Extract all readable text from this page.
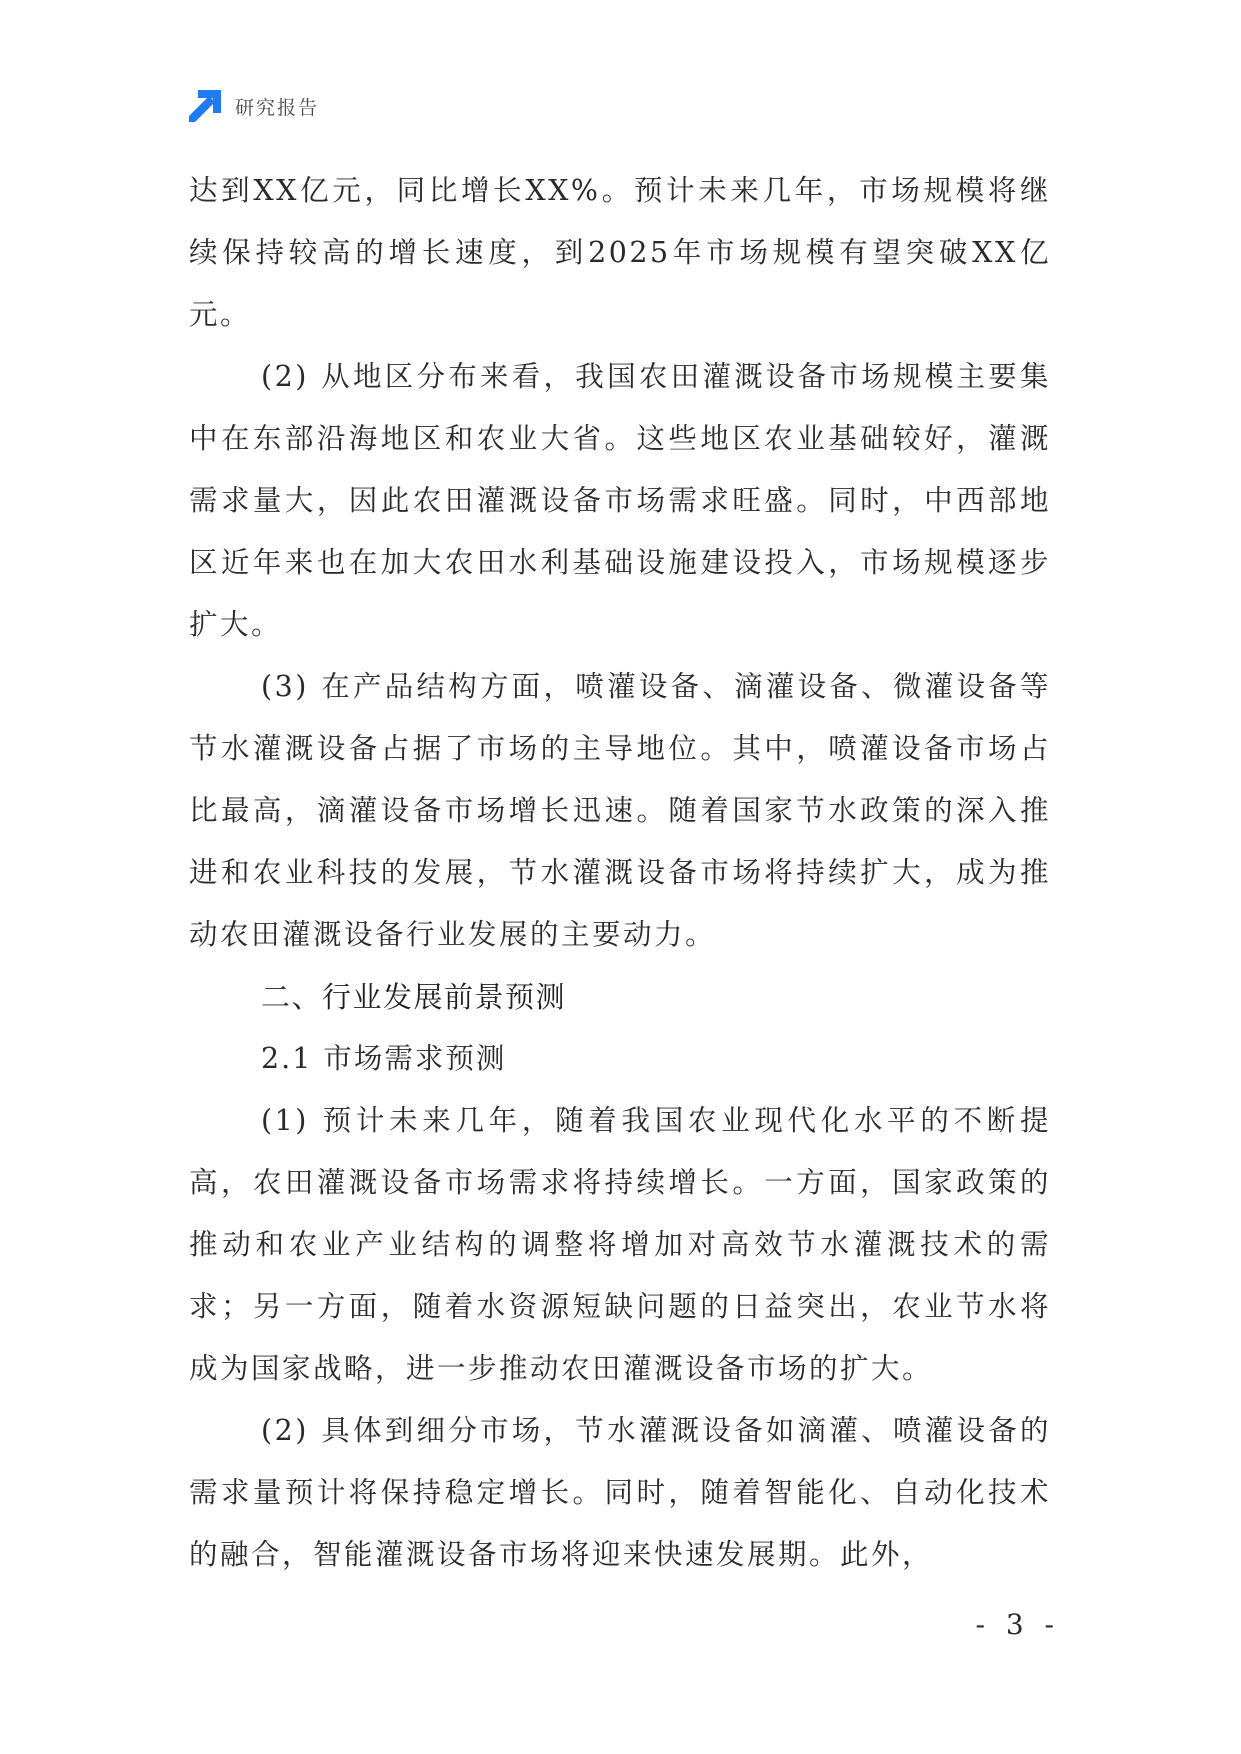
研究报告

达到XX亿元，同比增长XX%。预计未来几年，市场规模将继续保持较高的增长速度，到2025年市场规模有望突破XX亿元。

(2) 从地区分布来看，我国农田灌溉设备市场规模主要集中在东部沿海地区和农业大省。这些地区农业基础较好，灌溉需求量大，因此农田灌溉设备市场需求旺盛。同时，中西部地区近年来也在加大农田水利基础设施建设投入，市场规模逐步扩大。

(3) 在产品结构方面，喷灌设备、滴灌设备、微灌设备等节水灌溉设备占据了市场的主导地位。其中，喷灌设备市场占比最高，滴灌设备市场增长迅速。随着国家节水政策的深入推进和农业科技的发展，节水灌溉设备市场将持续扩大，成为推动农田灌溉设备行业发展的主要动力。

二、行业发展前景预测

2.1 市场需求预测

(1) 预计未来几年，随着我国农业现代化水平的不断提高，农田灌溉设备市场需求将持续增长。一方面，国家政策的推动和农业产业结构的调整将增加对高效节水灌溉技术的需求；另一方面，随着水资源短缺问题的日益突出，农业节水将成为国家战略，进一步推动农田灌溉设备市场的扩大。

(2) 具体到细分市场，节水灌溉设备如滴灌、喷灌设备的需求量预计将保持稳定增长。同时，随着智能化、自动化技术的融合，智能灌溉设备市场将迎来快速发展期。此外，

- 3 -
